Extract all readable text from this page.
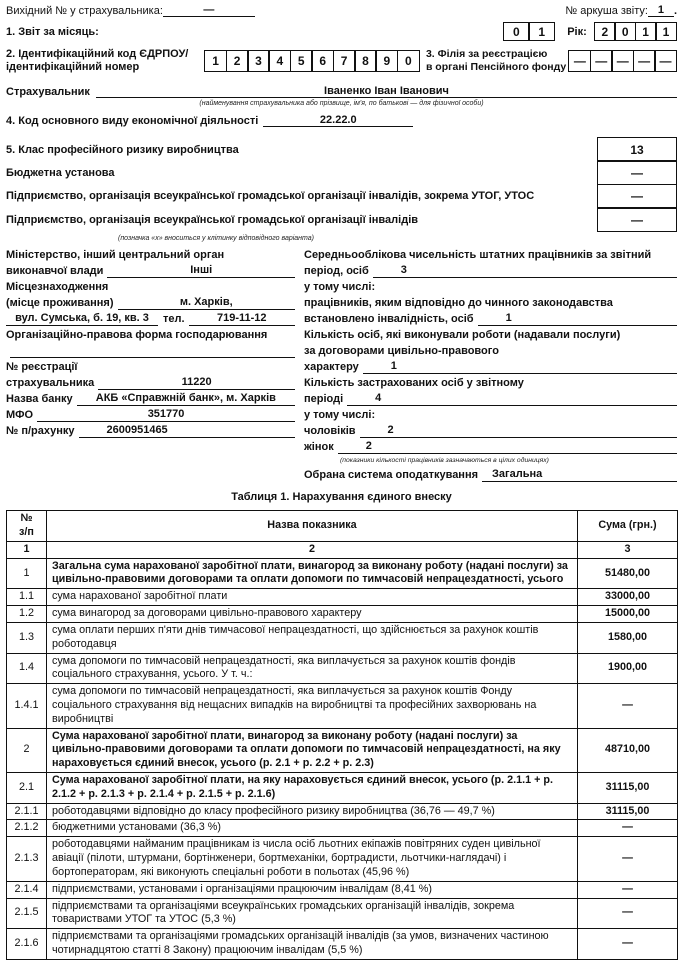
Вихідний № у страхувальника:	—	№ аркуша звіту: 1 .
1. Звіт за місяць:	0	1	Рік:	2	0	1	1
2. Ідентифікаційний код ЄДРПОУ/
ідентифікаційний номер	1	2	3	4	5	6	7	8	9	0	3. Філія за реєстрацією
в органі Пенсійного фонду — — — — —
Страхувальник	Іваненко Іван Іванович
(найменування страхувальника або прізвище, ім'я, по батькові — для фізичної особи)
4. Код основного виду економічної діяльності	22.22.0
5. Клас професійного ризику виробництва	13
Бюджетна установа	—
Підприємство, організація всеукраїнської громадської організації інвалідів, зокрема УТОГ, УТОС	—
Підприємство, організація всеукраїнської громадської організації інвалідів	—
(позначка «х» вноситься у клітинку відповідного варіанта)
Міністерство, інший центральний орган
виконавчої влади	Інші
Місцезнаходження
(місце проживання)	м. Харків,
вул. Сумська, б. 19, кв. 3	тел.	719-11-12
Організаційно-правова форма господарювання
№ реєстрації
страхувальника	11220
Назва банку	АКБ «Справжній банк», м. Харків
МФО	351770
№ п/рахунку	2600951465
Середньооблікова чисельність штатних працівників за звітний
період, осіб	3
у тому числі:
працівників, яким відповідно до чинного законодавства
встановлено інвалідність, осіб	1
Кількість осіб, які виконували роботи (надавали послуги)
за договорами цивільно-правового
характеру	1
Кількість застрахованих осіб у звітному
періоді	4
у тому числі:
чоловіків	2
жінок	2
(показники кількості працівників зазначаються в цілих одиницях)
Обрана система оподаткування	Загальна
Таблиця 1. Нарахування єдиного внеску
№
з/п	Назва показника	Сума (грн.)
1	2	3
1	Загальна сума нарахованої заробітної плати, винагород за виконану роботу (надані послуги) за цивільно-правовими договорами та оплати допомоги по тимчасовій непрацездатності, усього	51480,00
1.1	сума нарахованої заробітної плати	33000,00
1.2	сума винагород за договорами цивільно-правового характеру	15000,00
1.3	сума оплати перших п'яти днів тимчасової непрацездатності, що здійснюється за рахунок коштів роботодавця	1580,00
1.4	сума допомоги по тимчасовій непрацездатності, яка виплачується за рахунок коштів фондів соціального страхування, усього. У т. ч.:	1900,00
1.4.1	сума допомоги по тимчасовій непрацездатності, яка виплачується за рахунок коштів Фонду соціального страхування від нещасних випадків на виробництві та професійних захворювань на виробництві	—
2	Сума нарахованої заробітної плати, винагород за виконану роботу (надані послуги) за цивільно-правовими договорами та оплати допомоги по тимчасовій непрацездатності, на яку нараховується єдиний внесок, усього (р. 2.1 + р. 2.2 + р. 2.3)	48710,00
2.1	Сума нарахованої заробітної плати, на яку нараховується єдиний внесок, усього (р. 2.1.1 + р. 2.1.2 + р. 2.1.3 + р. 2.1.4 + р. 2.1.5 + р. 2.1.6)	31115,00
2.1.1	роботодавцями відповідно до класу професійного ризику виробництва (36,76 — 49,7 %)	31115,00
2.1.2	бюджетними установами (36,3 %)	—
2.1.3	роботодавцями найманим працівникам із числа осіб льотних екіпажів повітряних суден цивільної авіації (пілоти, штурмани, бортінженери, бортмеханіки, бортрадисти, льотчики-наглядачі) і бортоператорам, які виконують спеціальні роботи в польотах (45,96 %)	—
2.1.4	підприємствами, установами і організаціями працюючим інвалідам (8,41 %)	—
2.1.5	підприємствами та організаціями всеукраїнських громадських організацій інвалідів, зокрема товариствами УТОГ та УТОС (5,3 %)	—
2.1.6	підприємствами та організаціями громадських організацій інвалідів (за умов, визначених частиною чотирнадцятою статті 8 Закону) працюючим інвалідам (5,5 %)	—
